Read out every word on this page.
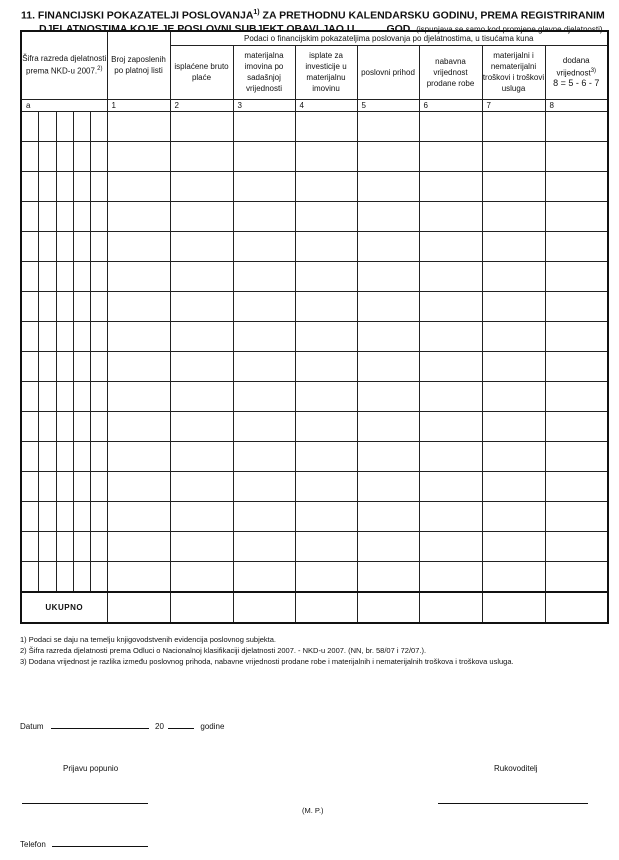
11. FINANCIJSKI POKAZATELJI POSLOVANJA$^{1)}$ ZA PRETHODNU KALENDARSKU GODINU, PREMA REGISTRIRANIM
DJELATNOSTIMA KOJE JE POSLOVNI SUBJEKT OBAVLJAO U	GOD. (ispunjava se samo kod promjene glavne djelatnosti)
Šifra razreda djelatnosti prema NKD-u 2007.$^{2)}$					Broj zaposlenih po platnoj listi	Podaci o financijskim pokazateljima poslovanja po djelatnostima, u tisućama kuna						
						isplaćene bruto plaće	materijalna imovina po sadašnjoj vrijednosti	isplate za investicije u materijalnu imovinu	poslovni prihod	nabavna vrijednost prodane robe	materijalni i nematerijalni troškovi i troškovi usluga	dodana vrijednost$^{3)}$
8 = 5 - 6 - 7
a					1	2	3	4	5	6	7	8

UKUPNO												
1) Podaci se daju na temelju knjigovodstvenih evidencija poslovnog subjekta.
2) Šifra razreda djelatnosti prema Odluci o Nacionalnoj klasifikaciji djelatnosti 2007. - NKD-u 2007. (NN, br. 58/07 i 72/07.).
3) Dodana vrijednost je razlika između poslovnog prihoda, nabavne vrijednosti prodane robe i materijalnih i nematerijalnih troškova i troškova usluga.
Datum	20	godine
Prijavu popunio	Rukovoditelj
(M. P.)
Telefon
